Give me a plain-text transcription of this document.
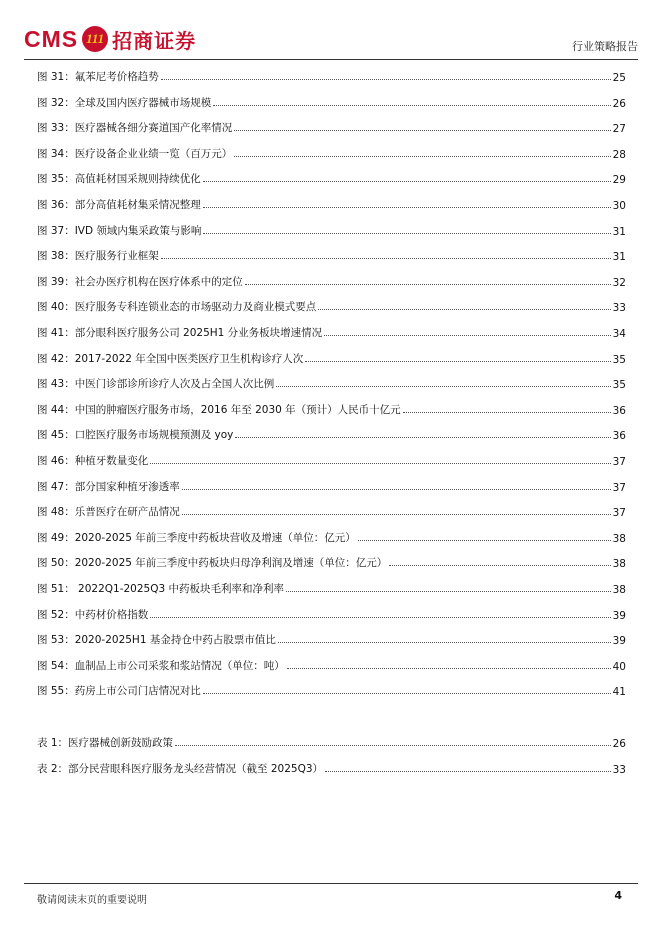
CMS 111 招商证券	行业策略报告
图 31：氟苯尼考价格趋势	25
图 32：全球及国内医疗器械市场规模	26
图 33：医疗器械各细分赛道国产化率情况	27
图 34：医疗设备企业业绩一览（百万元）	28
图 35：高值耗材国采规则持续优化	29
图 36：部分高值耗材集采情况整理	30
图 37：IVD 领域内集采政策与影响	31
图 38：医疗服务行业框架	31
图 39：社会办医疗机构在医疗体系中的定位	32
图 40：医疗服务专科连锁业态的市场驱动力及商业模式要点	33
图 41：部分眼科医疗服务公司 2025H1 分业务板块增速情况	34
图 42：2017-2022 年全国中医类医疗卫生机构诊疗人次	35
图 43：中医门诊部诊所诊疗人次及占全国人次比例	35
图 44：中国的肿瘤医疗服务市场，2016 年至 2030 年（预计）人民币十亿元	36
图 45：口腔医疗服务市场规模预测及 yoy	36
图 46：种植牙数量变化	37
图 47：部分国家种植牙渗透率	37
图 48：乐普医疗在研产品情况	37
图 49：2020-2025 年前三季度中药板块营收及增速（单位：亿元）	38
图 50：2020-2025 年前三季度中药板块归母净利润及增速（单位：亿元）	38
图 51： 2022Q1-2025Q3 中药板块毛利率和净利率	38
图 52：中药材价格指数	39
图 53：2020-2025H1 基金持仓中药占股票市值比	39
图 54：血制品上市公司采浆和浆站情况（单位：吨）	40
图 55：药房上市公司门店情况对比	41
表 1：医疗器械创新鼓励政策	26
表 2：部分民营眼科医疗服务龙头经营情况（截至 2025Q3）	33
敬请阅读末页的重要说明	4
